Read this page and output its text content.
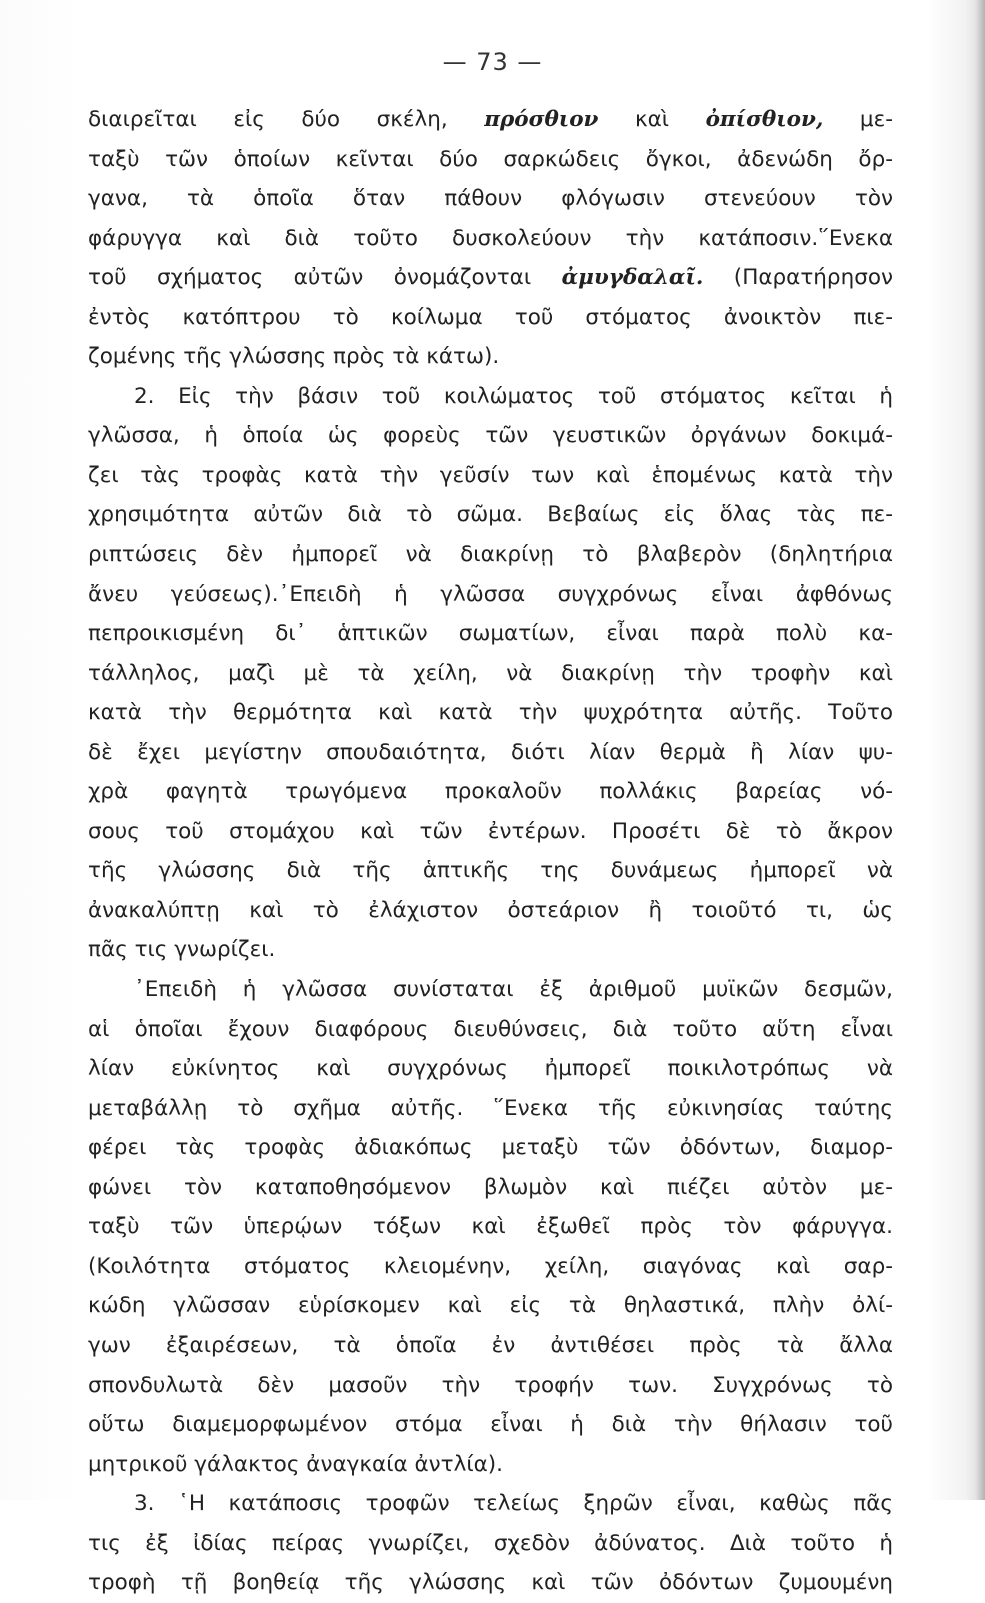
— 73 —
διαιρεῖται εἰς δύο σκέλη, πρόσθιον καὶ ὀπίσθιον, με-
ταξὺ τῶν ὁποίων κεῖνται δύο σαρκώδεις ὄγκοι, ἀδενώδη ὄρ-
γανα, τὰ ὁποῖα ὅταν πάθουν φλόγωσιν στενεύουν τὸν
φάρυγγα καὶ διὰ τοῦτο δυσκολεύουν τὴν κατάποσιν.῞Ενεκα
τοῦ σχήματος αὐτῶν ὀνομάζονται ἀμυγδαλαῖ. (Παρατήρησον
ἐντὸς κατόπτρου τὸ κοίλωμα τοῦ στόματος ἀνοικτὸν πιε-
ζομένης τῆς γλώσσης πρὸς τὰ κάτω).
2. Εἰς τὴν βάσιν τοῦ κοιλώματος τοῦ στόματος κεῖται ἡ
γλῶσσα, ἡ ὁποία ὡς φορεὺς τῶν γευστικῶν ὀργάνων δοκιμά-
ζει τὰς τροφὰς κατὰ τὴν γεῦσίν των καὶ ἑπομένως κατὰ τὴν
χρησιμότητα αὐτῶν διὰ τὸ σῶμα. Βεβαίως εἰς ὅλας τὰς πε-
ριπτώσεις δὲν ἠμπορεῖ νὰ διακρίνῃ τὸ βλαβερὸν (δηλητήρια
ἄνευ γεύσεως).᾿Επειδὴ ἡ γλῶσσα συγχρόνως εἶναι ἀφθόνως
πεπροικισμένη δι᾿ ἁπτικῶν σωματίων, εἶναι παρὰ πολὺ κα-
τάλληλος, μαζὶ μὲ τὰ χείλη, νὰ διακρίνῃ τὴν τροφὴν καὶ
κατὰ τὴν θερμότητα καὶ κατὰ τὴν ψυχρότητα αὐτῆς. Τοῦτο
δὲ ἔχει μεγίστην σπουδαιότητα, διότι λίαν θερμὰ ἢ λίαν ψυ-
χρὰ φαγητὰ τρωγόμενα προκαλοῦν πολλάκις βαρείας νό-
σους τοῦ στομάχου καὶ τῶν ἐντέρων. Προσέτι δὲ τὸ ἄκρον
τῆς γλώσσης διὰ τῆς ἁπτικῆς της δυνάμεως ἠμπορεῖ νὰ
ἀνακαλύπτῃ καὶ τὸ ἐλάχιστον ὀστεάριον ἢ τοιοῦτό τι, ὡς
πᾶς τις γνωρίζει.
᾿Επειδὴ ἡ γλῶσσα συνίσταται ἐξ ἀριθμοῦ μυϊκῶν δεσμῶν,
αἱ ὁποῖαι ἔχουν διαφόρους διευθύνσεις, διὰ τοῦτο αὕτη εἶναι
λίαν εὐκίνητος καὶ συγχρόνως ἠμπορεῖ ποικιλοτρόπως νὰ
μεταβάλλῃ τὸ σχῆμα αὐτῆς. ῞Ενεκα τῆς εὐκινησίας ταύτης
φέρει τὰς τροφὰς ἀδιακόπως μεταξὺ τῶν ὀδόντων, διαμορ-
φώνει τὸν καταποθησόμενον βλωμὸν καὶ πιέζει αὐτὸν με-
ταξὺ τῶν ὑπερῴων τόξων καὶ ἐξωθεῖ πρὸς τὸν φάρυγγα.
(Κοιλότητα στόματος κλειομένην, χείλη, σιαγόνας καὶ σαρ-
κώδη γλῶσσαν εὑρίσκομεν καὶ εἰς τὰ θηλαστικά, πλὴν ὀλί-
γων ἐξαιρέσεων, τὰ ὁποῖα ἐν ἀντιθέσει πρὸς τὰ ἄλλα
σπονδυλωτὰ δὲν μασοῦν τὴν τροφήν των. Συγχρόνως τὸ
οὕτω διαμεμορφωμένον στόμα εἶναι ἡ διὰ τὴν θήλασιν τοῦ
μητρικοῦ γάλακτος ἀναγκαία ἀντλία).
3. ῾Η κατάποσις τροφῶν τελείως ξηρῶν εἶναι, καθὼς πᾶς
τις ἐξ ἰδίας πείρας γνωρίζει, σχεδὸν ἀδύνατος. Διὰ τοῦτο ἡ
τροφὴ τῇ βοηθείᾳ τῆς γλώσσης καὶ τῶν ὀδόντων ζυμουμένη
